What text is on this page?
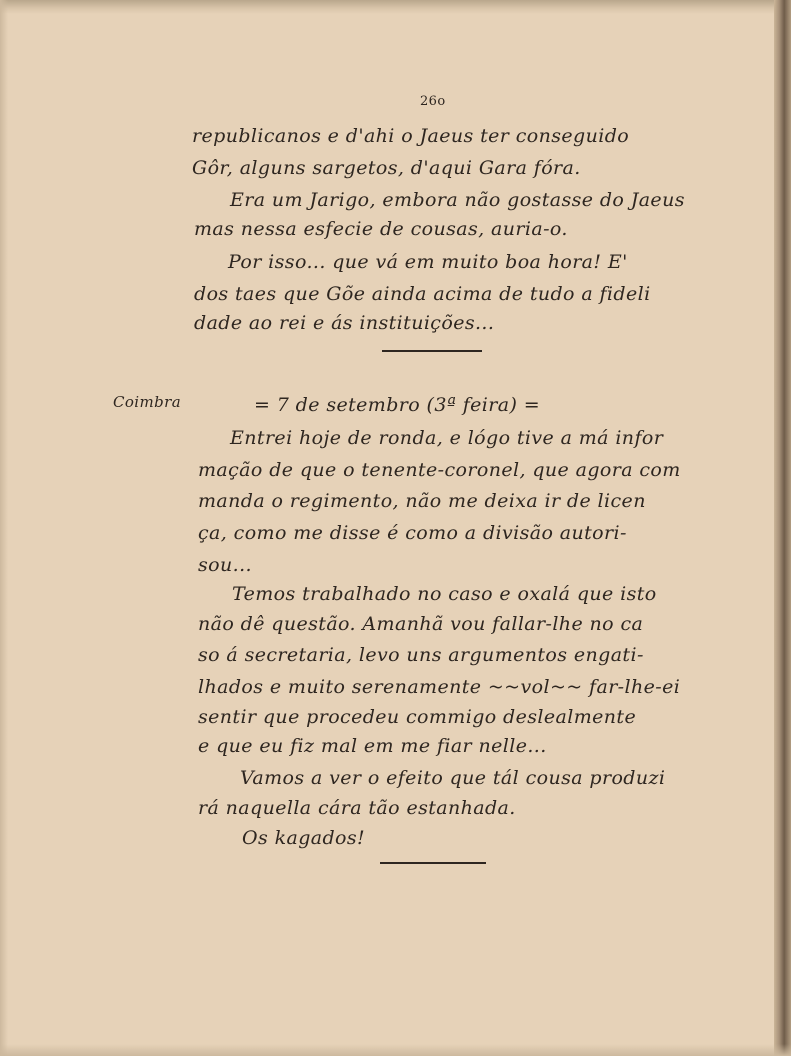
26o
republicanos e d'ahi o Jaeus ter conseguido
Gôr, alguns sargetos, d'aqui Gara fóra.
Era um Jarigo, embora não gostasse do Jaeus
mas nessa esfecie de cousas, auria-o.
Por isso... que vá em muito boa hora! E'
dos taes que Gõe ainda acima de tudo a fideli
dade ao rei e ás instituições...
Coimbra	= 7 de setembro (3ª feira) =
Entrei hoje de ronda, e lógo tive a má infor
mação de que o tenente-coronel, que agora com
manda o regimento, não me deixa ir de licen
ça, como me disse é como a divisão autori-
sou...
Temos trabalhado no caso e oxalá que isto
não dê questão. Amanhã vou fallar-lhe no ca
so á secretaria, levo uns argumentos engati-
lhados e muito serenamente ~~vol~~ far-lhe-ei
sentir que procedeu commigo deslealmente
e que eu fiz mal em me fiar nelle...
Vamos a ver o efeito que tál cousa produzi
rá naquella cára tão estanhada.
Os kagados!
